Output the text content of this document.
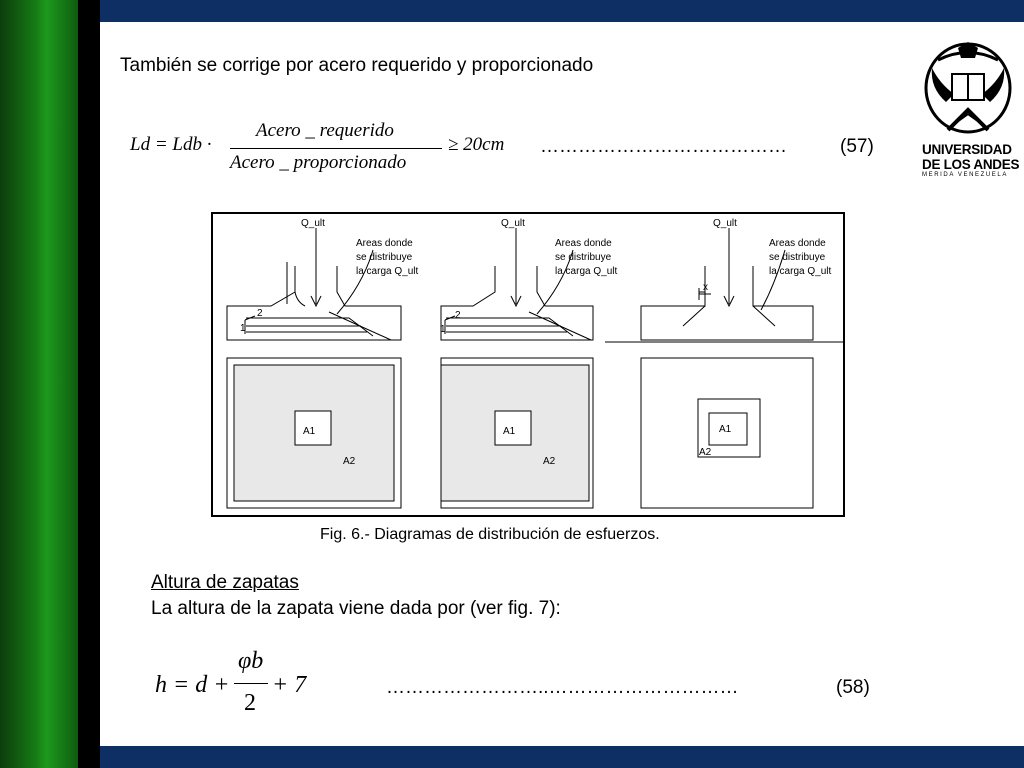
También se corrige por acero requerido y proporcionado
Ld = Ldb ·
Acero _ requerido
Acero _ proporcionado
≥ 20cm …………………………………	(57)	UNIVERSIDAD
DE LOS ANDES
MERIDA VENEZUELA
Q_ult	Q_ult	Q_ult
Areas donde
se distribuye
la carga Q_ult
Areas donde
se distribuye
la carga Q_ult
Areas donde
se distribuye
la carga Q_ult
2
1
2
1
x
A1
A2
A1
A2
A1
A2
Fig. 6.- Diagramas de distribución de esfuerzos.
Altura de zapatas
La altura de la zapata viene dada por (ver fig. 7):
h = d +
φb
2
+ 7	……………………..…………………………	(58)
